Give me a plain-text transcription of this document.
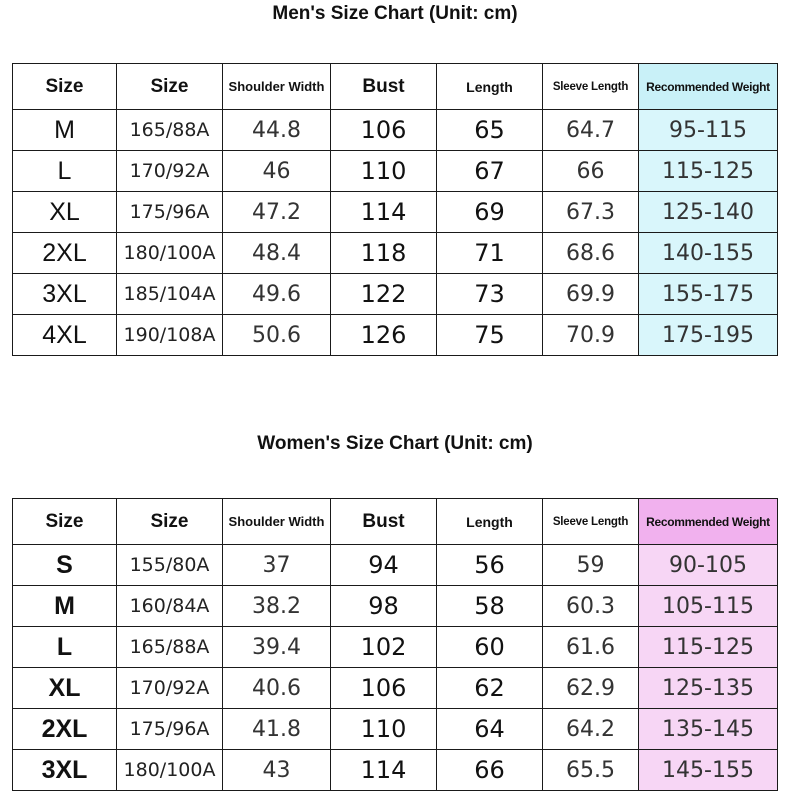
Men's Size Chart (Unit: cm)
Size	Size	Shoulder Width	Bust	Length	Sleeve Length	Recommended Weight
M	165/88A	44.8	106	65	64.7	95-115
L	170/92A	46	110	67	66	115-125
XL	175/96A	47.2	114	69	67.3	125-140
2XL	180/100A	48.4	118	71	68.6	140-155
3XL	185/104A	49.6	122	73	69.9	155-175
4XL	190/108A	50.6	126	75	70.9	175-195
Women's Size Chart (Unit: cm)
Size	Size	Shoulder Width	Bust	Length	Sleeve Length	Recommended Weight
S	155/80A	37	94	56	59	90-105
M	160/84A	38.2	98	58	60.3	105-115
L	165/88A	39.4	102	60	61.6	115-125
XL	170/92A	40.6	106	62	62.9	125-135
2XL	175/96A	41.8	110	64	64.2	135-145
3XL	180/100A	43	114	66	65.5	145-155
